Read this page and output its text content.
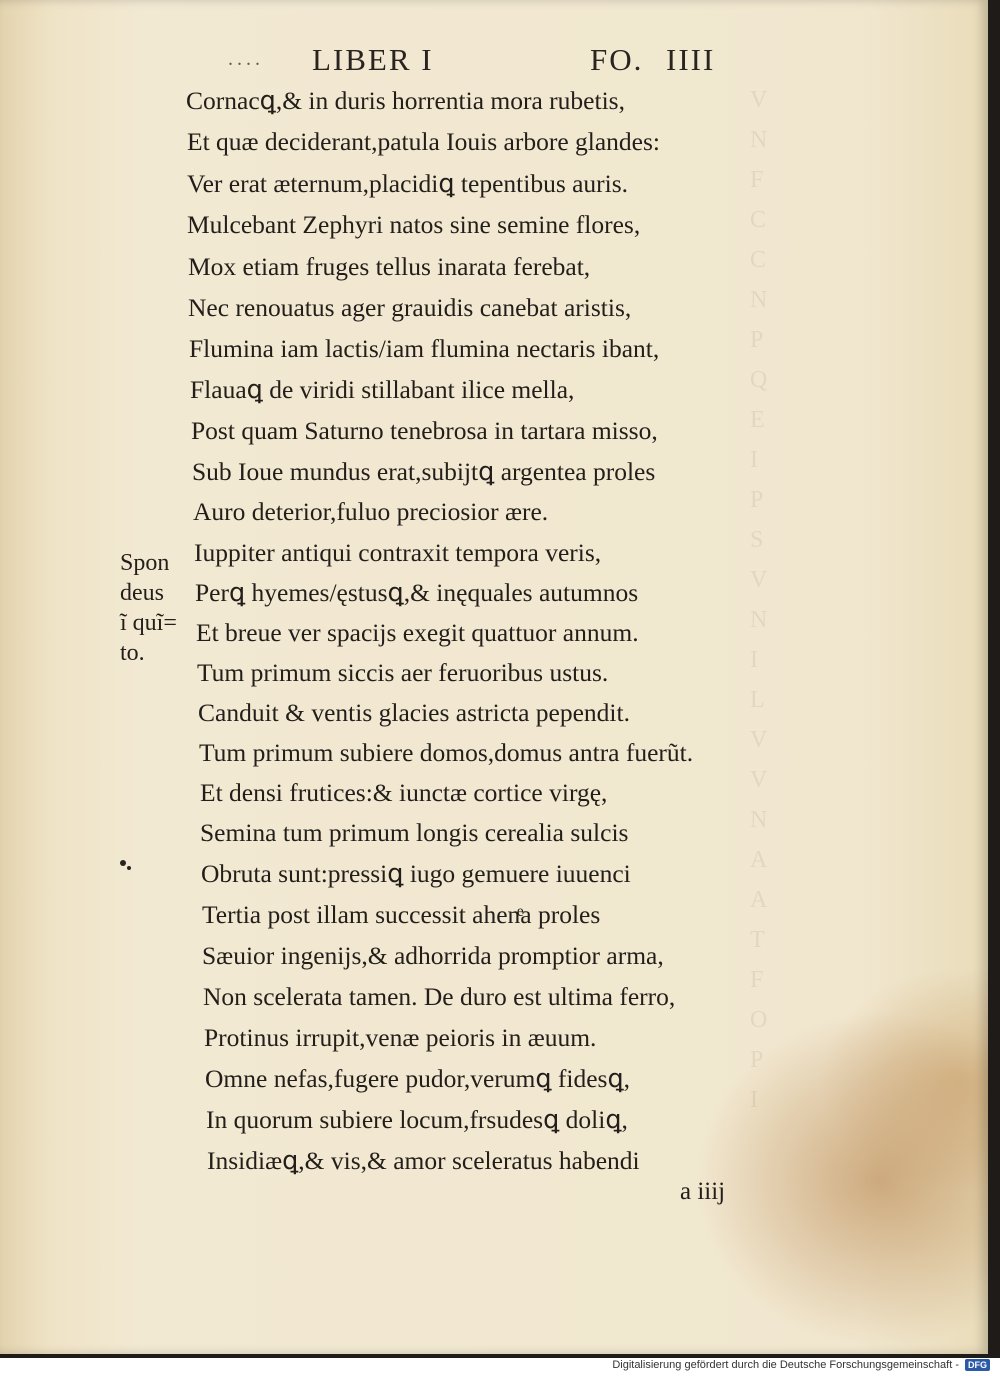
V
N
F
C
C
N
P
Q
E
I
P
S
V
N
I
L
V
V
N
A
A
T
F
O
P
I
.... LIBER I	FO. IIII
Cornacꝗ,& in duris horrentia mora rubetis,
Et quæ deciderant,patula Iouis arbore glandes:
Ver erat æternum,placidiꝗ tepentibus auris.
Mulcebant Zephyri natos sine semine flores,
Mox etiam fruges tellus inarata ferebat,
Nec renouatus ager grauidis canebat aristis,
Flumina iam lactis/iam flumina nectaris ibant,
Flauaꝗ de viridi stillabant ilice mella,
Post quam Saturno tenebrosa in tartara misso,
Sub Ioue mundus erat,subijtꝗ argentea proles
Auro deterior,fuluo preciosior ære.
Iuppiter antiqui contraxit tempora veris,
Perꝗ hyemes/ęstusꝗ,& inęquales autumnos
Et breue ver spacijs exegit quattuor annum.
Tum primum siccis aer feruoribus ustus.
Canduit & ventis glacies astricta pependit.
Tum primum subiere domos,domus antra fuerũt.
Et densi frutices:& iunctæ cortice virgę,
Semina tum primum longis cerealia sulcis
Obruta sunt:pressiꝗ iugo gemuere iuuenci
Tertia post illam successit ahenͤa proles
Sæuior ingenijs,& adhorrida promptior arma,
Non scelerata tamen. De duro est ultima ferro,
Protinus irrupit,venæ peioris in æuum.
Omne nefas,fugere pudor,verumꝗ fidesꝗ,
In quorum subiere locum,frsudesꝗ doliꝗ,
Insidiæꝗ,& vis,& amor sceleratus habendi
Spon
deus
ĩ quĩ=
to.
a iiij
Digitalisierung gefördert durch die Deutsche Forschungsgemeinschaft -	DFG
